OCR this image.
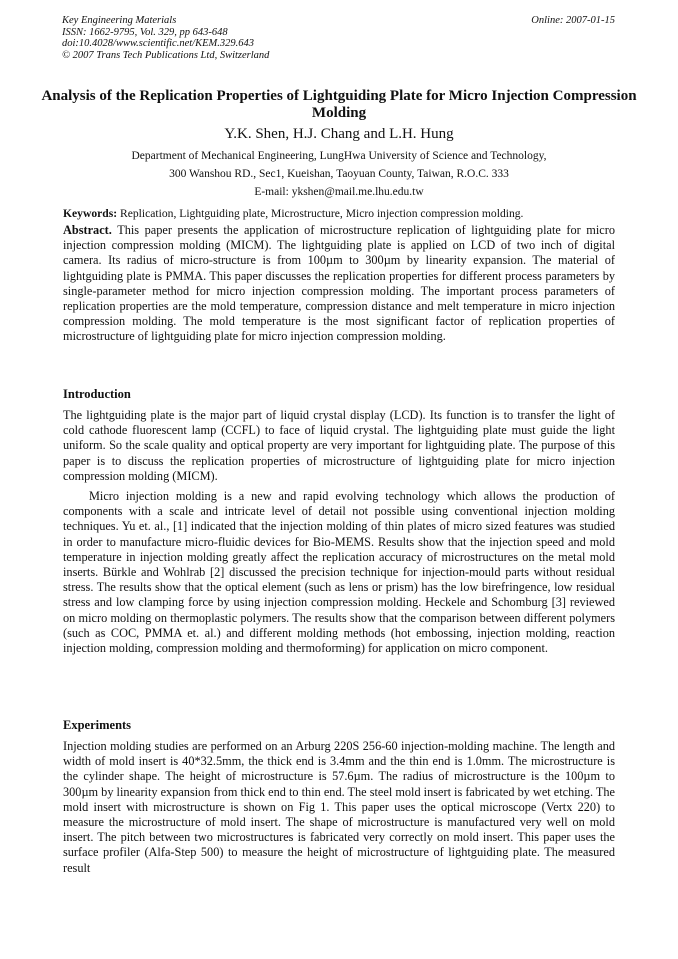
Key Engineering Materials
ISSN: 1662-9795, Vol. 329, pp 643-648
doi:10.4028/www.scientific.net/KEM.329.643
© 2007 Trans Tech Publications Ltd, Switzerland
Online: 2007-01-15
Analysis of the Replication Properties of Lightguiding Plate for Micro Injection Compression Molding
Y.K. Shen, H.J. Chang and L.H. Hung
Department of Mechanical Engineering, LungHwa University of Science and Technology,
300 Wanshou RD., Sec1, Kueishan, Taoyuan County, Taiwan, R.O.C. 333
E-mail: ykshen@mail.me.lhu.edu.tw
Keywords: Replication, Lightguiding plate, Microstructure, Micro injection compression molding.
Abstract. This paper presents the application of microstructure replication of lightguiding plate for micro injection compression molding (MICM). The lightguiding plate is applied on LCD of two inch of digital camera. Its radius of micro-structure is from 100µm to 300µm by linearity expansion. The material of lightguiding plate is PMMA. This paper discusses the replication properties for different process parameters by single-parameter method for micro injection compression molding. The important process parameters of replication properties are the mold temperature, compression distance and melt temperature in micro injection compression molding. The mold temperature is the most significant factor of replication properties of microstructure of lightguiding plate for micro injection compression molding.
Introduction
The lightguiding plate is the major part of liquid crystal display (LCD). Its function is to transfer the light of cold cathode fluorescent lamp (CCFL) to face of liquid crystal. The lightguiding plate must guide the light uniform. So the scale quality and optical property are very important for lightguiding plate. The purpose of this paper is to discuss the replication properties of microstructure of lightguiding plate for micro injection compression molding (MICM).
Micro injection molding is a new and rapid evolving technology which allows the production of components with a scale and intricate level of detail not possible using conventional injection molding techniques. Yu et. al., [1] indicated that the injection molding of thin plates of micro sized features was studied in order to manufacture micro-fluidic devices for Bio-MEMS. Results show that the injection speed and mold temperature in injection molding greatly affect the replication accuracy of microstructures on the metal mold inserts. Bürkle and Wohlrab [2] discussed the precision technique for injection-mould parts without residual stress. The results show that the optical element (such as lens or prism) has the low birefringence, low residual stress and low clamping force by using injection compression molding. Heckele and Schomburg [3] reviewed on micro molding on thermoplastic polymers. The results show that the comparison between different polymers (such as COC, PMMA et. al.) and different molding methods (hot embossing, injection molding, reaction injection molding, compression molding and thermoforming) for application on micro component.
Experiments
Injection molding studies are performed on an Arburg 220S 256-60 injection-molding machine. The length and width of mold insert is 40*32.5mm, the thick end is 3.4mm and the thin end is 1.0mm. The microstructure is the cylinder shape. The height of microstructure is 57.6µm. The radius of microstructure is the 100µm to 300µm by linearity expansion from thick end to thin end. The steel mold insert is fabricated by wet etching. The mold insert with microstructure is shown on Fig 1. This paper uses the optical microscope (Vertx 220) to measure the microstructure of mold insert. The shape of microstructure is manufactured very well on mold insert. The pitch between two microstructures is fabricated very correctly on mold insert. This paper uses the surface profiler (Alfa-Step 500) to measure the height of microstructure of lightguiding plate. The measured result
